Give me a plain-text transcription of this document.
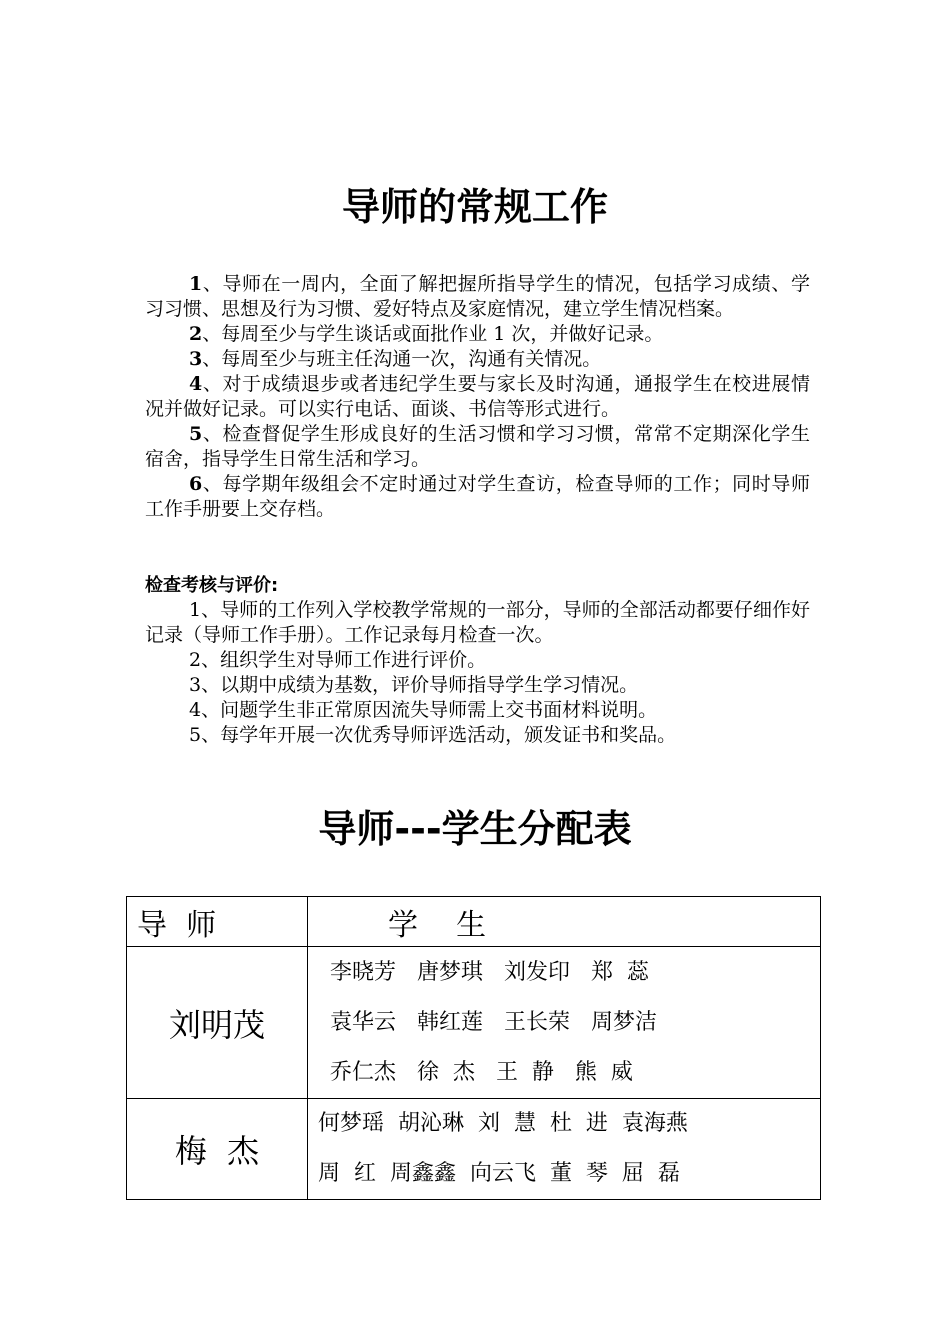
导师的常规工作

1、导师在一周内，全面了解把握所指导学生的情况，包括学习成绩、学习习惯、思想及行为习惯、爱好特点及家庭情况，建立学生情况档案。

2、每周至少与学生谈话或面批作业 1 次，并做好记录。

3、每周至少与班主任沟通一次，沟通有关情况。

4、对于成绩退步或者违纪学生要与家长及时沟通，通报学生在校进展情况并做好记录。可以实行电话、面谈、书信等形式进行。

5、检查督促学生形成良好的生活习惯和学习习惯，常常不定期深化学生宿舍，指导学生日常生活和学习。

6、每学期年级组会不定时通过对学生查访，检查导师的工作；同时导师工作手册要上交存档。

检查考核与评价:

1、导师的工作列入学校教学常规的一部分，导师的全部活动都要仔细作好记录（导师工作手册）。工作记录每月检查一次。

2、组织学生对导师工作进行评价。

3、以期中成绩为基数，评价导师指导学生学习情况。

4、问题学生非正常原因流失导师需上交书面材料说明。

5、每学年开展一次优秀导师评选活动，颁发证书和奖品。

导师---学生分配表
导  师	学    生
刘明茂	李晓芳   唐梦琪   刘发印   郑  蕊
袁华云   韩红莲   王长荣   周梦洁
乔仁杰   徐  杰   王  静   熊  威

梅  杰	何梦瑶  胡沁琳  刘  慧  杜  进  袁海燕
周  红  周鑫鑫  向云飞  董  琴  屈  磊
